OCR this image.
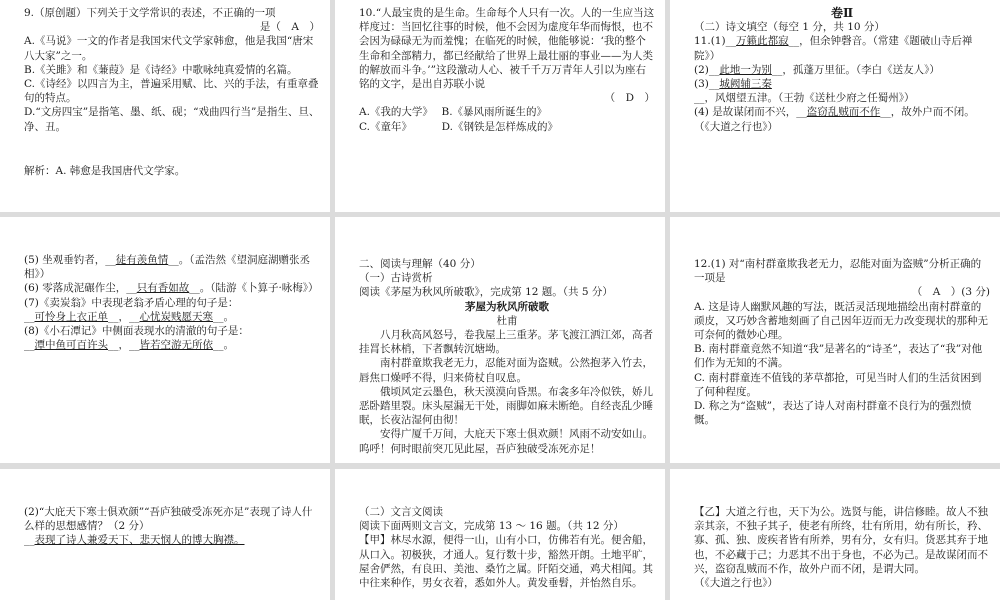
9.（原创题）下列关于文学常识的表述，不正确的一项

是（　A　）

A.《马说》一文的作者是我国宋代文学家韩愈，他是我国“唐宋八大家”之一。

B.《关雎》和《蒹葭》是《诗经》中歌咏纯真爱情的名篇。

C.《诗经》以四言为主，普遍采用赋、比、兴的手法，有重章叠句的特点。

D.“文房四宝”是指笔、墨、纸、砚；“戏曲四行当”是指生、旦、净、丑。

解析：A. 韩愈是我国唐代文学家。

10.“人最宝贵的是生命。生命每个人只有一次。人的一生应当这样度过：当回忆往事的时候，他不会因为虚度年华而悔恨，也不会因为碌碌无为而羞愧；在临死的时候，他能够说：‘我的整个生命和全部精力，都已经献给了世界上最壮丽的事业——为人类的解放而斗争。’”这段激动人心、被千千万万青年人引以为座右铭的文字，是出自苏联小说

（　D　）

A.《我的大学》　 B.《暴风雨所诞生的》

C.《童年》　　　 D.《钢铁是怎样炼成的》

卷Ⅱ

（二）诗文填空（每空 1 分，共 10 分）

11.(1)__万籁此都寂__，但余钟磬音。（常建《题破山寺后禅院》）

(2)__此地一为别__，孤蓬万里征。（李白《送友人》）

(3)__城阙辅三秦__，风烟望五津。（王勃《送杜少府之任蜀州》）

(4) 是故谋闭而不兴，__盗窃乱贼而不作__，故外户而不闭。（《大道之行也》）

(5) 坐观垂钓者，__徒有羡鱼情__。（孟浩然《望洞庭湖赠张丞相》）

(6) 零落成泥碾作尘，__只有香如故__。（陆游《卜算子·咏梅》）

(7)《卖炭翁》中表现老翁矛盾心理的句子是：

__可怜身上衣正单__，__心忧炭贱愿天寒__。

(8)《小石潭记》中侧面表现水的清澈的句子是：

__潭中鱼可百许头__，__皆若空游无所依__。

二、阅读与理解（40 分）

（一）古诗赏析

阅读《茅屋为秋风所破歌》，完成第 12 题。（共 5 分）

茅屋为秋风所破歌

杜甫

八月秋高风怒号，卷我屋上三重茅。茅飞渡江洒江郊，高者挂罥长林梢，下者飘转沉塘坳。

南村群童欺我老无力，忍能对面为盗贼。公然抱茅入竹去，唇焦口燥呼不得，归来倚杖自叹息。

俄顷风定云墨色，秋天漠漠向昏黑。布衾多年冷似铁，娇儿恶卧踏里裂。床头屋漏无干处，雨脚如麻未断绝。自经丧乱少睡眠，长夜沾湿何由彻！

安得广厦千万间，大庇天下寒士俱欢颜！风雨不动安如山。呜呼！何时眼前突兀见此屋，吾庐独破受冻死亦足！

12.(1) 对“南村群童欺我老无力，忍能对面为盗贼”分析正确的一项是

（　A　）(3 分)

A. 这是诗人幽默风趣的写法，既活灵活现地描绘出南村群童的顽皮，又巧妙含蓄地刻画了自己因年迈而无力改变现状的那种无可奈何的微妙心理。

B. 南村群童竟然不知道“我”是著名的“诗圣”，表达了“我”对他们作为无知的不满。

C. 南村群童连不值钱的茅草都抢，可见当时人们的生活贫困到了何种程度。

D. 称之为“盗贼”，表达了诗人对南村群童不良行为的强烈愤慨。

(2)“大庇天下寒士俱欢颜”“吾庐独破受冻死亦足”表现了诗人什么样的思想感情？（2 分）

__表现了诗人兼爱天下、悲天悯人的博大胸襟。

（二）文言文阅读

阅读下面两则文言文，完成第 13 ～ 16 题。（共 12 分）

【甲】林尽水源，便得一山，山有小口，仿佛若有光。便舍船，从口入。初极狭，才通人。复行数十步，豁然开朗。土地平旷，屋舍俨然，有良田、美池、桑竹之属。阡陌交通，鸡犬相闻。其中往来种作，男女衣着，悉如外人。黄发垂髫，并怡然自乐。

【乙】大道之行也，天下为公。选贤与能，讲信修睦。故人不独亲其亲，不独子其子，使老有所终，壮有所用，幼有所长，矜、寡、孤、独、废疾者皆有所养，男有分，女有归。货恶其弃于地也，不必藏于己；力恶其不出于身也，不必为己。是故谋闭而不兴，盗窃乱贼而不作，故外户而不闭，是谓大同。

（《大道之行也》）
